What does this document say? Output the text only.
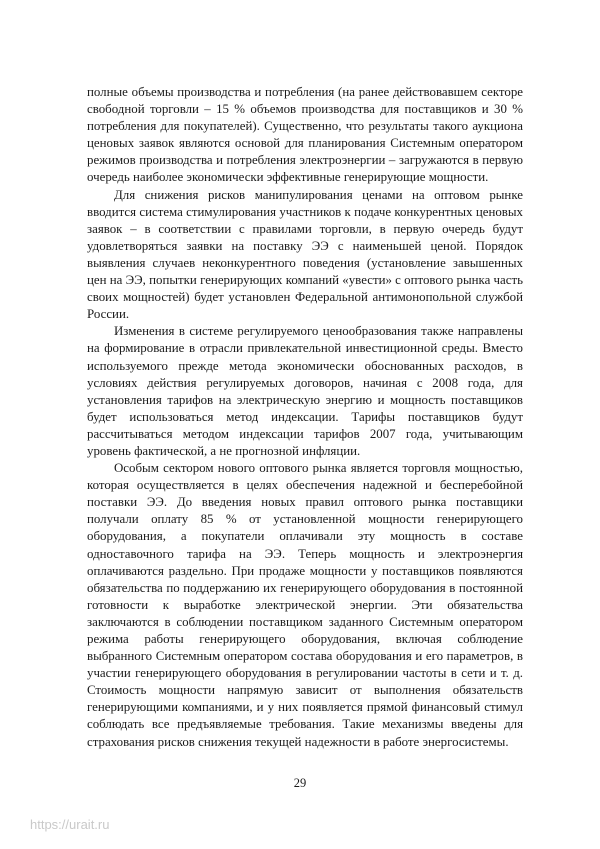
полные объемы производства и потребления (на ранее действовавшем секторе свободной торговли – 15 % объемов производства для поставщиков и 30 % потребления для покупателей). Существенно, что результаты такого аукциона ценовых заявок являются основой для планирования Системным оператором режимов производства и потребления электроэнергии – загружаются в первую очередь наиболее экономически эффективные генерирующие мощности.

Для снижения рисков манипулирования ценами на оптовом рынке вводится система стимулирования участников к подаче конкурентных ценовых заявок – в соответствии с правилами торговли, в первую очередь будут удовлетворяться заявки на поставку ЭЭ с наименьшей ценой. Порядок выявления случаев неконкурентного поведения (установление завышенных цен на ЭЭ, попытки генерирующих компаний «увести» с оптового рынка часть своих мощностей) будет установлен Федеральной антимонопольной службой России.

Изменения в системе регулируемого ценообразования также направлены на формирование в отрасли привлекательной инвестиционной среды. Вместо используемого прежде метода экономически обоснованных расходов, в условиях действия регулируемых договоров, начиная с 2008 года, для установления тарифов на электрическую энергию и мощность поставщиков будет использоваться метод индексации. Тарифы поставщиков будут рассчитываться методом индексации тарифов 2007 года, учитывающим уровень фактической, а не прогнозной инфляции.

Особым сектором нового оптового рынка является торговля мощностью, которая осуществляется в целях обеспечения надежной и бесперебойной поставки ЭЭ. До введения новых правил оптового рынка поставщики получали оплату 85 % от установленной мощности генерирующего оборудования, а покупатели оплачивали эту мощность в составе одноставочного тарифа на ЭЭ. Теперь мощность и электроэнергия оплачиваются раздельно. При продаже мощности у поставщиков появляются обязательства по поддержанию их генерирующего оборудования в постоянной готовности к выработке электрической энергии. Эти обязательства заключаются в соблюдении поставщиком заданного Системным оператором режима работы генерирующего оборудования, включая соблюдение выбранного Системным оператором состава оборудования и его параметров, в участии генерирующего оборудования в регулировании частоты в сети и т. д. Стоимость мощности напрямую зависит от выполнения обязательств генерирующими компаниями, и у них появляется прямой финансовый стимул соблюдать все предъявляемые требования. Такие механизмы введены для страхования рисков снижения текущей надежности в работе энергосистемы.

29
https://urait.ru
